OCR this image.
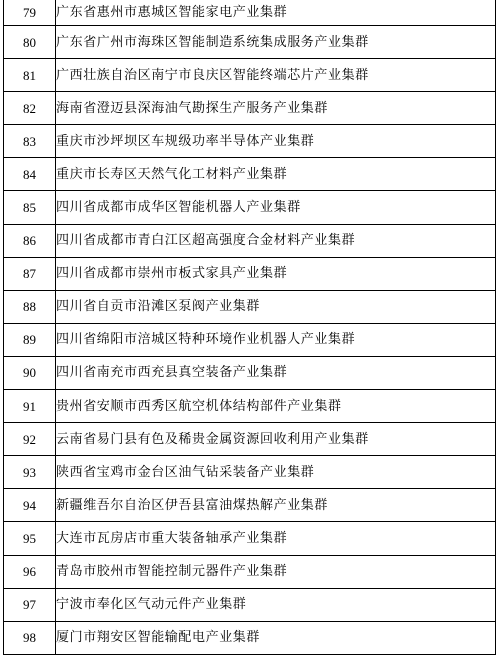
79	广东省惠州市惠城区智能家电产业集群
80	广东省广州市海珠区智能制造系统集成服务产业集群
81	广西壮族自治区南宁市良庆区智能终端芯片产业集群
82	海南省澄迈县深海油气勘探生产服务产业集群
83	重庆市沙坪坝区车规级功率半导体产业集群
84	重庆市长寿区天然气化工材料产业集群
85	四川省成都市成华区智能机器人产业集群
86	四川省成都市青白江区超高强度合金材料产业集群
87	四川省成都市崇州市板式家具产业集群
88	四川省自贡市沿滩区泵阀产业集群
89	四川省绵阳市涪城区特种环境作业机器人产业集群
90	四川省南充市西充县真空装备产业集群
91	贵州省安顺市西秀区航空机体结构部件产业集群
92	云南省易门县有色及稀贵金属资源回收利用产业集群
93	陕西省宝鸡市金台区油气钻采装备产业集群
94	新疆维吾尔自治区伊吾县富油煤热解产业集群
95	大连市瓦房店市重大装备轴承产业集群
96	青岛市胶州市智能控制元器件产业集群
97	宁波市奉化区气动元件产业集群
98	厦门市翔安区智能输配电产业集群
